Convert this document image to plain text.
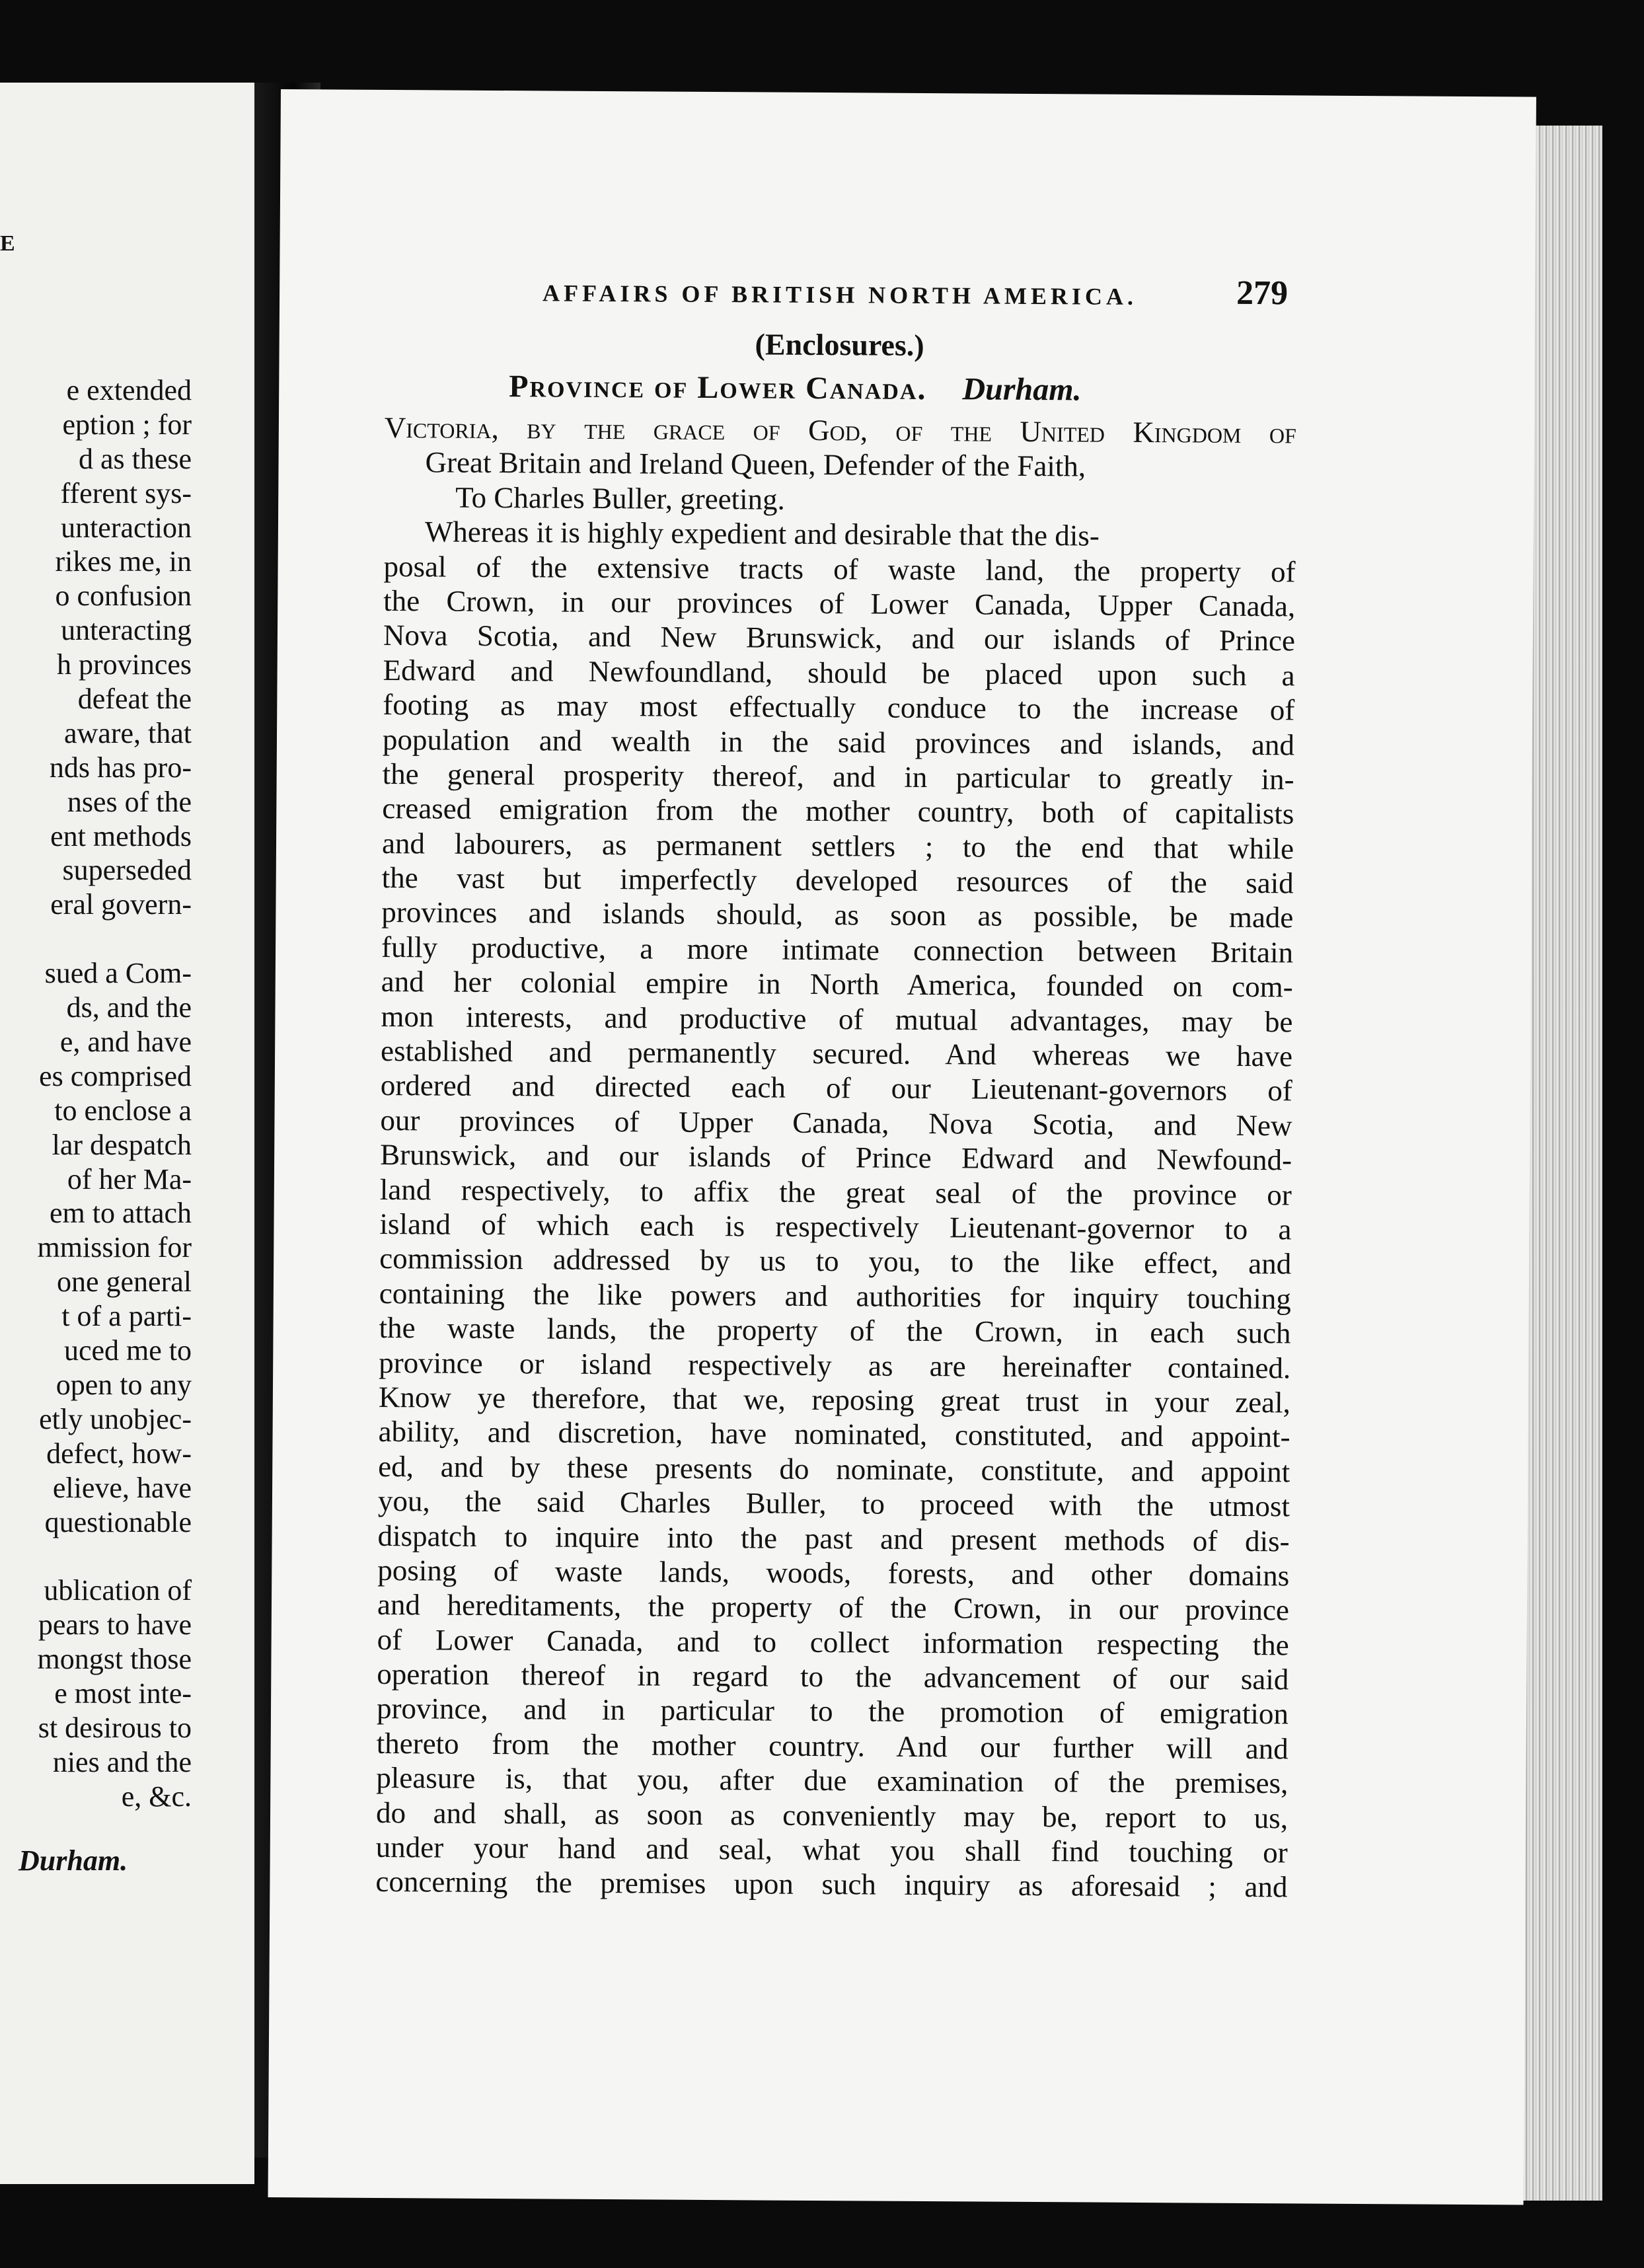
E
e extended
eption ; for
d as these
fferent sys-
unteraction
rikes me, in
o confusion
unteracting
h provinces
defeat the
aware, that
nds has pro-
nses of the
ent methods
superseded
eral govern-
sued a Com-
ds, and the
e, and have
es comprised
to enclose a
lar despatch
of her Ma-
em to attach
mmission for
one general
t of a parti-
uced me to
open to any
etly unobjec-
defect, how-
elieve, have
questionable
ublication of
pears to have
mongst those
e most inte-
st desirous to
nies and the
e, &c.
Durham.
AFFAIRS OF BRITISH NORTH AMERICA.	279
(Enclosures.)
Province of Lower Canada. Durham.
Victoria, by the grace of God, of the United Kingdom of
Great Britain and Ireland Queen, Defender of the Faith,
To Charles Buller, greeting.
Whereas it is highly expedient and desirable that the dis-
posal of the extensive tracts of waste land, the property of
the Crown, in our provinces of Lower Canada, Upper Canada,
Nova Scotia, and New Brunswick, and our islands of Prince
Edward and Newfoundland, should be placed upon such a
footing as may most effectually conduce to the increase of
population and wealth in the said provinces and islands, and
the general prosperity thereof, and in particular to greatly in-
creased emigration from the mother country, both of capitalists
and labourers, as permanent settlers ; to the end that while
the vast but imperfectly developed resources of the said
provinces and islands should, as soon as possible, be made
fully productive, a more intimate connection between Britain
and her colonial empire in North America, founded on com-
mon interests, and productive of mutual advantages, may be
established and permanently secured. And whereas we have
ordered and directed each of our Lieutenant-governors of
our provinces of Upper Canada, Nova Scotia, and New
Brunswick, and our islands of Prince Edward and Newfound-
land respectively, to affix the great seal of the province or
island of which each is respectively Lieutenant-governor to a
commission addressed by us to you, to the like effect, and
containing the like powers and authorities for inquiry touching
the waste lands, the property of the Crown, in each such
province or island respectively as are hereinafter contained.
Know ye therefore, that we, reposing great trust in your zeal,
ability, and discretion, have nominated, constituted, and appoint-
ed, and by these presents do nominate, constitute, and appoint
you, the said Charles Buller, to proceed with the utmost
dispatch to inquire into the past and present methods of dis-
posing of waste lands, woods, forests, and other domains
and hereditaments, the property of the Crown, in our province
of Lower Canada, and to collect information respecting the
operation thereof in regard to the advancement of our said
province, and in particular to the promotion of emigration
thereto from the mother country. And our further will and
pleasure is, that you, after due examination of the premises,
do and shall, as soon as conveniently may be, report to us,
under your hand and seal, what you shall find touching or
concerning the premises upon such inquiry as aforesaid ; and
